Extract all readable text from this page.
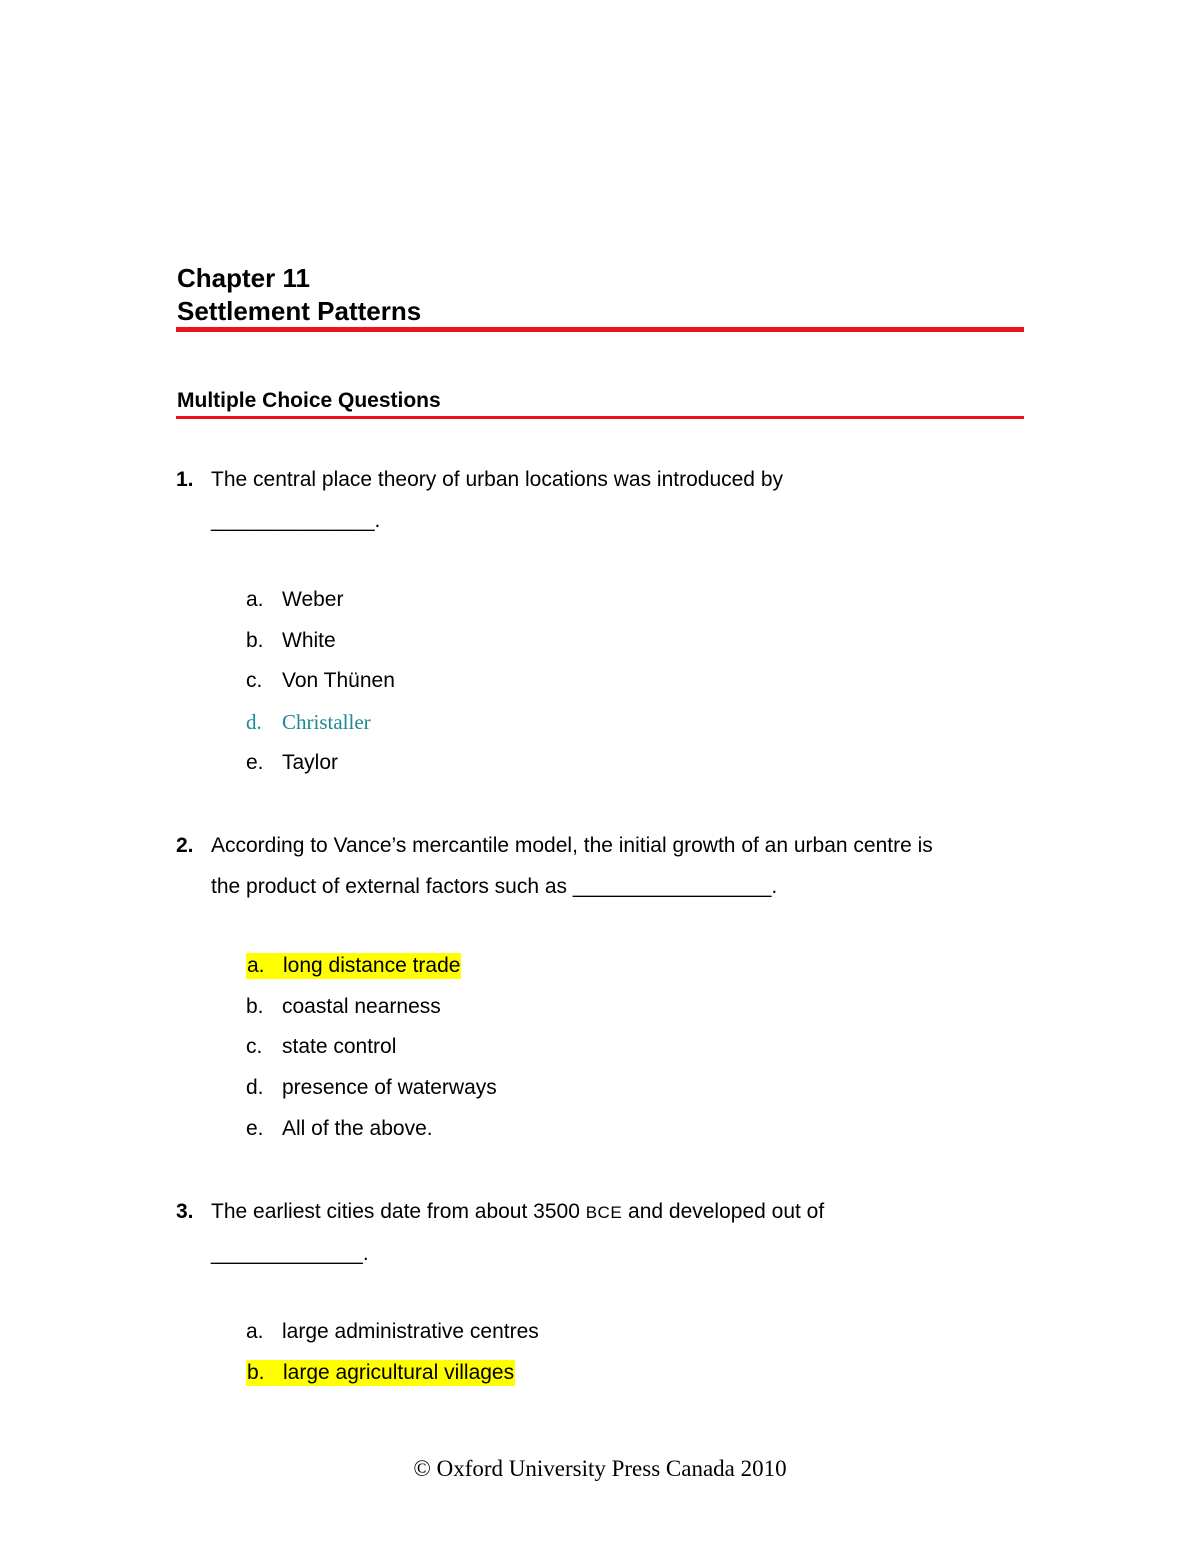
Chapter 11
Settlement Patterns
Multiple Choice Questions
1. The central place theory of urban locations was introduced by
______________.
a. Weber
b. White
c. Von Thünen
d. Christaller
e. Taylor
2. According to Vance’s mercantile model, the initial growth of an urban centre is
the product of external factors such as _________________.
a. long distance trade
b. coastal nearness
c. state control
d. presence of waterways
e. All of the above.
3. The earliest cities date from about 3500 BCE and developed out of
_____________.
a. large administrative centres
b. large agricultural villages
© Oxford University Press Canada 2010
